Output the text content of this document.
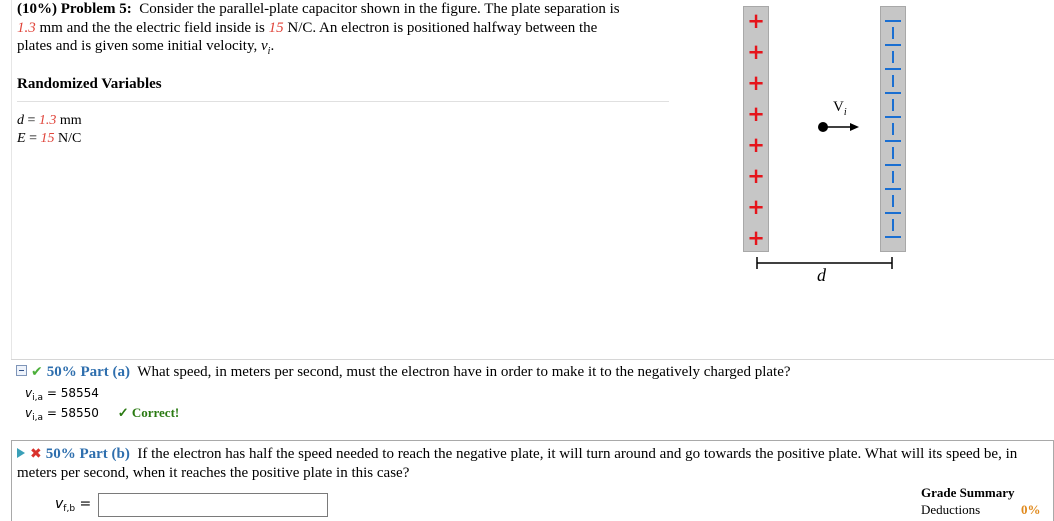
(10%) Problem 5: Consider the parallel-plate capacitor shown in the figure. The plate separation is
1.3 mm and the the electric field inside is 15 N/C. An electron is positioned halfway between the
plates and is given some initial velocity, $v_i$.
Randomized Variables
d = 1.3 mm
E = 15 N/C
+
+
+
+
+
+
+
+
$V_i$
d
✔ 50% Part (a) What speed, in meters per second, must the electron have in order to make it to the negatively charged plate?
$v_{i,a} = 58554$
$v_{i,a} = 58550$ ✓ Correct!
✖ 50% Part (b) If the electron has half the speed needed to reach the negative plate, it will turn around and go towards the positive plate. What will its speed be, in meters per second, when it reaches the positive plate in this case?
$v_{f,b}$ =
Grade Summary
Deductions	0%
